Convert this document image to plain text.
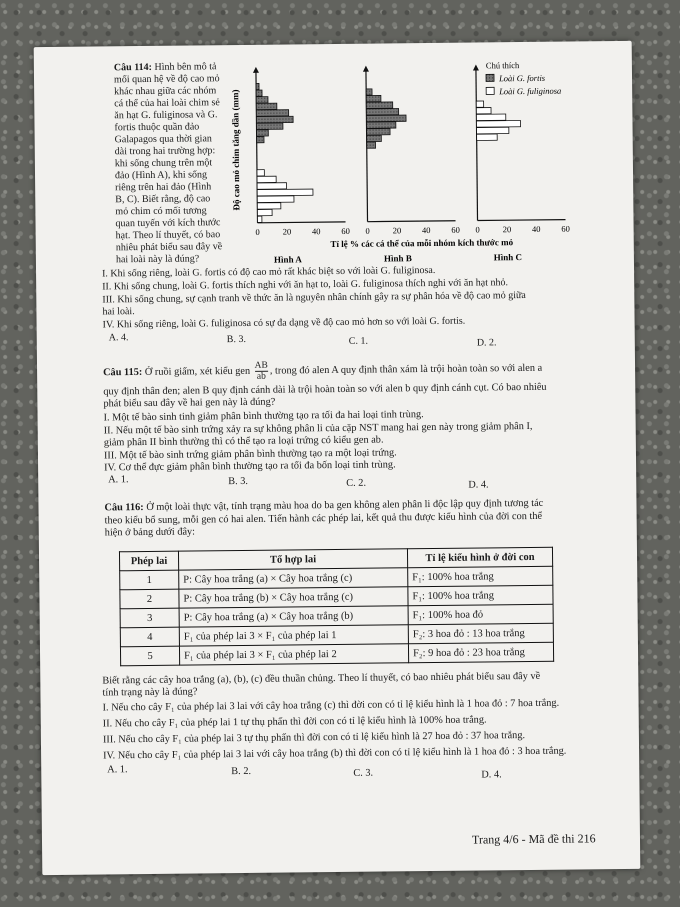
Câu 114: Hình bên mô tả
mối quan hệ về độ cao mỏ
khác nhau giữa các nhóm
cá thể của hai loài chim sẻ
ăn hạt G. fuliginosa và G.
fortis thuộc quần đảo
Galapagos qua thời gian
dài trong hai trường hợp:
khi sống chung trên một
đảo (Hình A), khi sống
riêng trên hai đảo (Hình
B, C). Biết rằng, độ cao
mỏ chim có mối tương
quan tuyến với kích thước
hạt. Theo lí thuyết, có bao
nhiêu phát biểu sau đây về
hai loài này là đúng?
I. Khi sống riêng, loài G. fortis có độ cao mỏ rất khác biệt so với loài G. fuliginosa.
II. Khi sống chung, loài G. fortis thích nghi với ăn hạt to, loài G. fuliginosa thích nghi với ăn hạt nhỏ.
III. Khi sống chung, sự cạnh tranh về thức ăn là nguyên nhân chính gây ra sự phân hóa về độ cao mỏ giữa
hai loài.
IV. Khi sống riêng, loài G. fuliginosa có sự đa dạng về độ cao mỏ hơn so với loài G. fortis.
A. 4.	B. 3.	C. 1.	D. 2.
Độ cao mỏ chim tăng dần (mm)
0	20 40 60
Hình A
0	20 40 60
Hình B
0	20 40 60
Hình C
Tỉ lệ % các cá thể của mỗi nhóm kích thước mỏ
Chú thích
Loài G. fortis
Loài G. fuliginosa
Câu 115: Ở ruồi giấm, xét kiểu gen $\frac{AB}{ab}$ , trong đó alen A quy định thân xám là trội hoàn toàn so với alen a
quy định thân đen; alen B quy định cánh dài là trội hoàn toàn so với alen b quy định cánh cụt. Có bao nhiêu
phát biểu sau đây về hai gen này là đúng?
I. Một tế bào sinh tinh giảm phân bình thường tạo ra tối đa hai loại tinh trùng.
II. Nếu một tế bào sinh trứng xảy ra sự không phân li của cặp NST mang hai gen này trong giảm phân I,
giảm phân II bình thường thì có thể tạo ra loại trứng có kiểu gen ab.
III. Một tế bào sinh trứng giảm phân bình thường tạo ra một loại trứng.
IV. Cơ thể đực giảm phân bình thường tạo ra tối đa bốn loại tinh trùng.
A. 1.	B. 3.	C. 2.	D. 4.
Câu 116: Ở một loài thực vật, tính trạng màu hoa do ba gen không alen phân li độc lập quy định tương tác
theo kiểu bổ sung, mỗi gen có hai alen. Tiến hành các phép lai, kết quả thu được kiểu hình của đời con thể
hiện ở bảng dưới đây:
Phép lai	Tổ hợp lai	Tỉ lệ kiểu hình ở đời con
1	P: Cây hoa trắng (a) × Cây hoa trắng (c)	F₁: 100% hoa trắng
2	P: Cây hoa trắng (b) × Cây hoa trắng (c)	F₁: 100% hoa trắng
3	P: Cây hoa trắng (a) × Cây hoa trắng (b)	F₁: 100% hoa đỏ
4	F₁ của phép lai 3 × F₁ của phép lai 1	F₂: 3 hoa đỏ : 13 hoa trắng
5	F₁ của phép lai 3 × F₁ của phép lai 2	F₂: 9 hoa đỏ : 23 hoa trắng
Biết rằng các cây hoa trắng (a), (b), (c) đều thuần chủng. Theo lí thuyết, có bao nhiêu phát biểu sau đây về
tính trạng này là đúng?
I. Nếu cho cây F₁ của phép lai 3 lai với cây hoa trắng (c) thì đời con có tỉ lệ kiểu hình là 1 hoa đỏ : 7 hoa trắng.
II. Nếu cho cây F₁ của phép lai 1 tự thụ phấn thì đời con có tỉ lệ kiểu hình là 100% hoa trắng.
III. Nếu cho cây F₁ của phép lai 3 tự thụ phấn thì đời con có tỉ lệ kiểu hình là 27 hoa đỏ : 37 hoa trắng.
IV. Nếu cho cây F₁ của phép lai 3 lai với cây hoa trắng (b) thì đời con có tỉ lệ kiểu hình là 1 hoa đỏ : 3 hoa trắng.
A. 1.	B. 2.	C. 3.	D. 4.
Trang 4/6 - Mã đề thi 216
